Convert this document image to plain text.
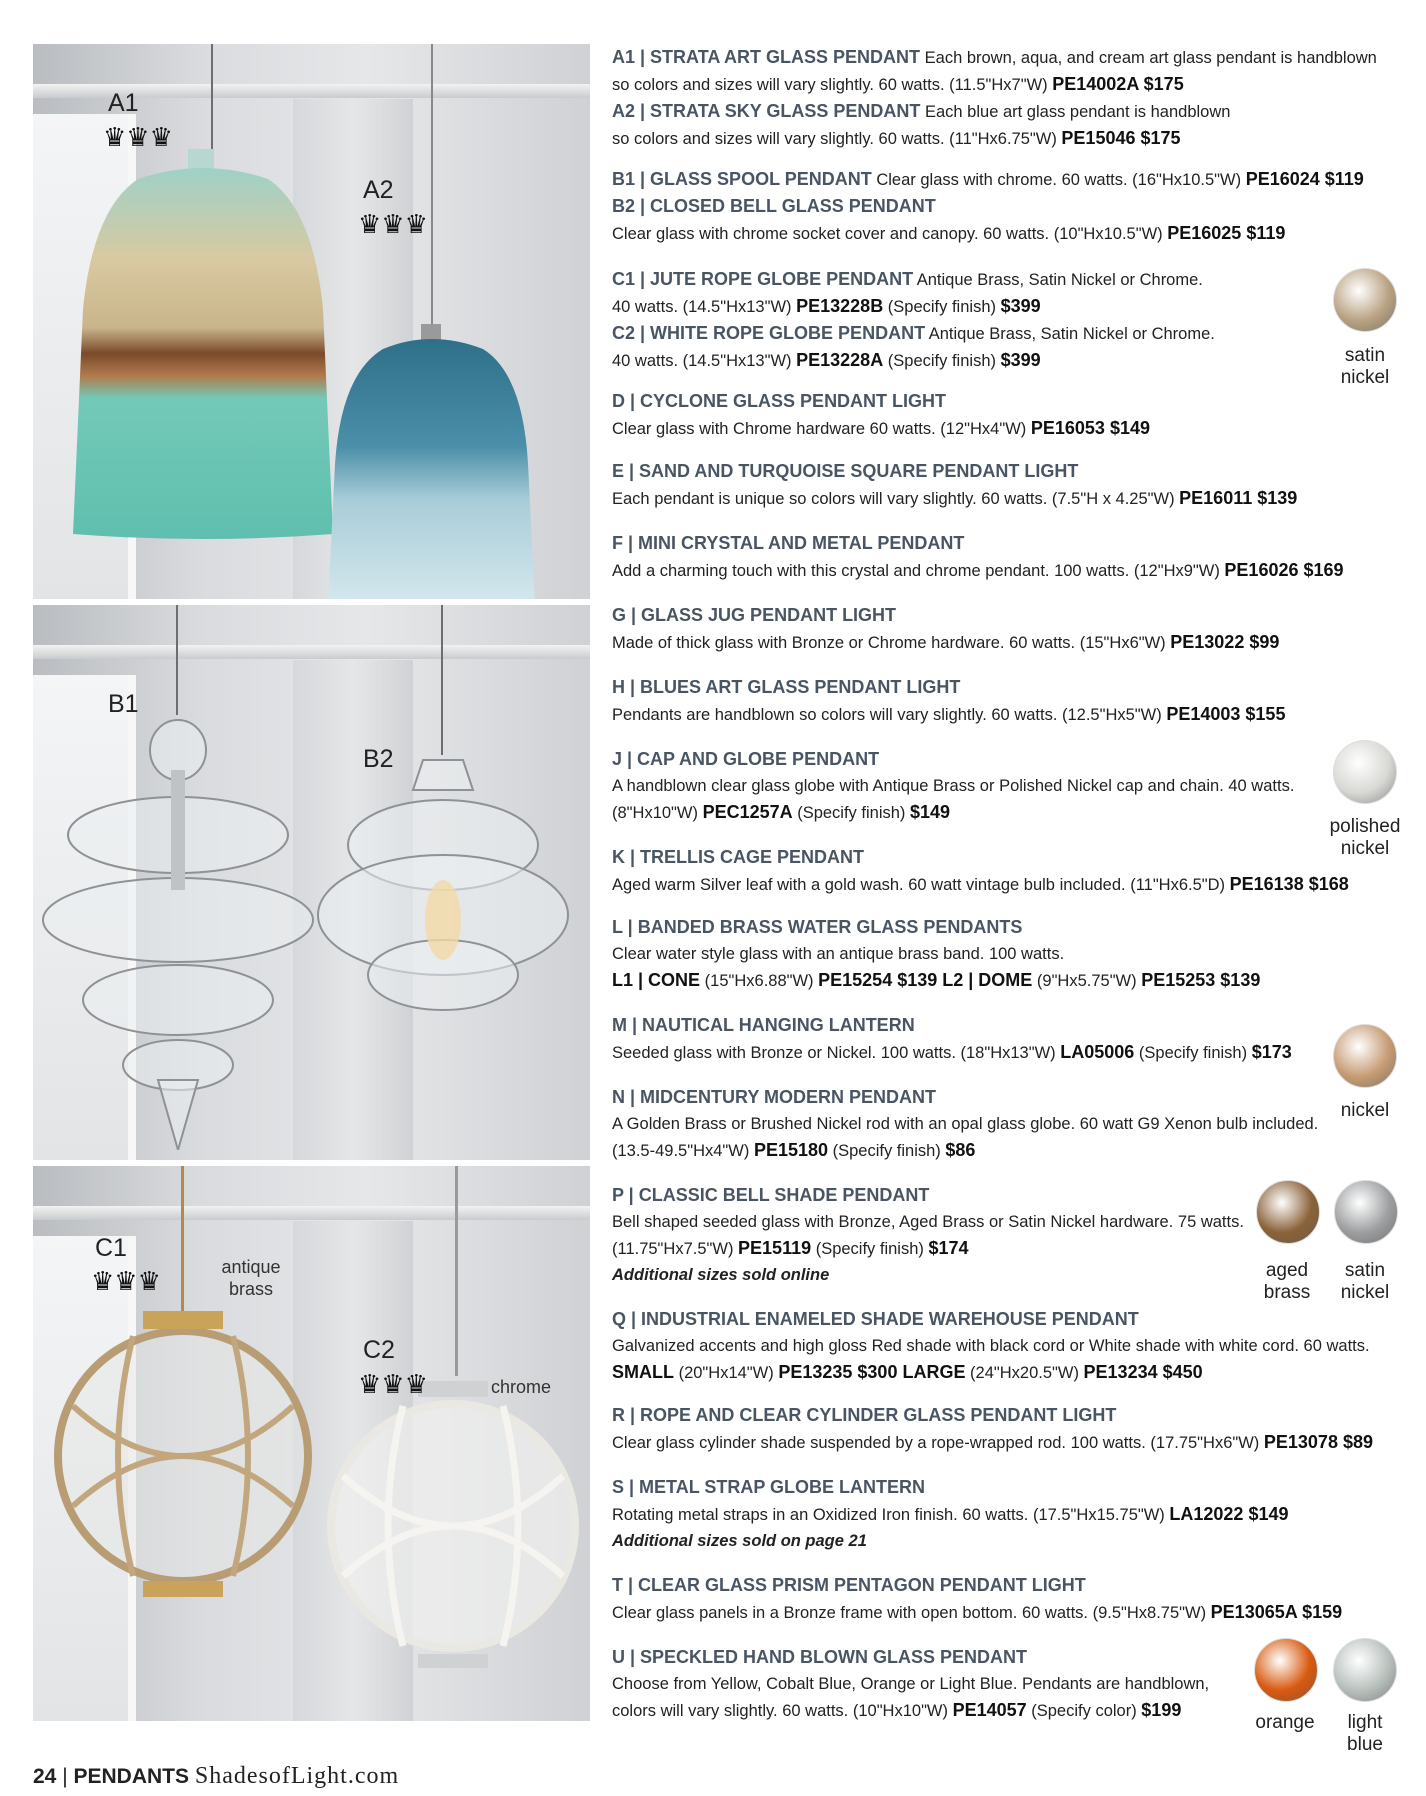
A1
♛♛♛
A2
♛♛♛
B1
B2
C1
♛♛♛	antique brass
C2
♛♛♛	chrome
A1 | STRATA ART GLASS PENDANT Each brown, aqua, and cream art glass pendant is handblown
so colors and sizes will vary slightly. 60 watts. (11.5"Hx7"W) PE14002A $175
A2 | STRATA SKY GLASS PENDANT Each blue art glass pendant is handblown
so colors and sizes will vary slightly. 60 watts. (11"Hx6.75"W) PE15046 $175
B1 | GLASS SPOOL PENDANT Clear glass with chrome. 60 watts. (16"Hx10.5"W) PE16024 $119
B2 | CLOSED BELL GLASS PENDANT
Clear glass with chrome socket cover and canopy. 60 watts. (10"Hx10.5"W) PE16025 $119
C1 | JUTE ROPE GLOBE PENDANT Antique Brass, Satin Nickel or Chrome.
40 watts. (14.5"Hx13"W) PE13228B (Specify finish) $399
C2 | WHITE ROPE GLOBE PENDANT Antique Brass, Satin Nickel or Chrome.
40 watts. (14.5"Hx13"W) PE13228A (Specify finish) $399
D | CYCLONE GLASS PENDANT LIGHT
Clear glass with Chrome hardware 60 watts. (12"Hx4"W) PE16053 $149
E | SAND AND TURQUOISE SQUARE PENDANT LIGHT
Each pendant is unique so colors will vary slightly. 60 watts. (7.5"H x 4.25"W) PE16011 $139
F | MINI CRYSTAL AND METAL PENDANT
Add a charming touch with this crystal and chrome pendant. 100 watts. (12"Hx9"W) PE16026 $169
G | GLASS JUG PENDANT LIGHT
Made of thick glass with Bronze or Chrome hardware. 60 watts. (15"Hx6"W) PE13022 $99
H | BLUES ART GLASS PENDANT LIGHT
Pendants are handblown so colors will vary slightly. 60 watts. (12.5"Hx5"W) PE14003 $155
J | CAP AND GLOBE PENDANT
A handblown clear glass globe with Antique Brass or Polished Nickel cap and chain. 40 watts.
(8"Hx10"W) PEC1257A (Specify finish) $149
K | TRELLIS CAGE PENDANT
Aged warm Silver leaf with a gold wash. 60 watt vintage bulb included. (11"Hx6.5"D) PE16138 $168
L | BANDED BRASS WATER GLASS PENDANTS
Clear water style glass with an antique brass band. 100 watts.
L1 | CONE (15"Hx6.88"W) PE15254 $139 L2 | DOME (9"Hx5.75"W) PE15253 $139
M | NAUTICAL HANGING LANTERN
Seeded glass with Bronze or Nickel. 100 watts. (18"Hx13"W) LA05006 (Specify finish) $173
N | MIDCENTURY MODERN PENDANT
A Golden Brass or Brushed Nickel rod with an opal glass globe. 60 watt G9 Xenon bulb included.
(13.5-49.5"Hx4"W) PE15180 (Specify finish) $86
P | CLASSIC BELL SHADE PENDANT
Bell shaped seeded glass with Bronze, Aged Brass or Satin Nickel hardware. 75 watts.
(11.75"Hx7.5"W) PE15119 (Specify finish) $174
Additional sizes sold online
Q | INDUSTRIAL ENAMELED SHADE WAREHOUSE PENDANT
Galvanized accents and high gloss Red shade with black cord or White shade with white cord. 60 watts.
SMALL (20"Hx14"W) PE13235 $300 LARGE (24"Hx20.5"W) PE13234 $450
R | ROPE AND CLEAR CYLINDER GLASS PENDANT LIGHT
Clear glass cylinder shade suspended by a rope-wrapped rod. 100 watts. (17.75"Hx6"W) PE13078 $89
S | METAL STRAP GLOBE LANTERN
Rotating metal straps in an Oxidized Iron finish. 60 watts. (17.5"Hx15.75"W) LA12022 $149
Additional sizes sold on page 21
T | CLEAR GLASS PRISM PENTAGON PENDANT LIGHT
Clear glass panels in a Bronze frame with open bottom. 60 watts. (9.5"Hx8.75"W) PE13065A $159
U | SPECKLED HAND BLOWN GLASS PENDANT
Choose from Yellow, Cobalt Blue, Orange or Light Blue. Pendants are handblown,
colors will vary slightly. 60 watts. (10"Hx10"W) PE14057 (Specify color) $199
satin
nickel
polished
nickel
nickel
aged
brass
satin
nickel
orange	light
blue
24 | PENDANTS ShadesofLight.com
